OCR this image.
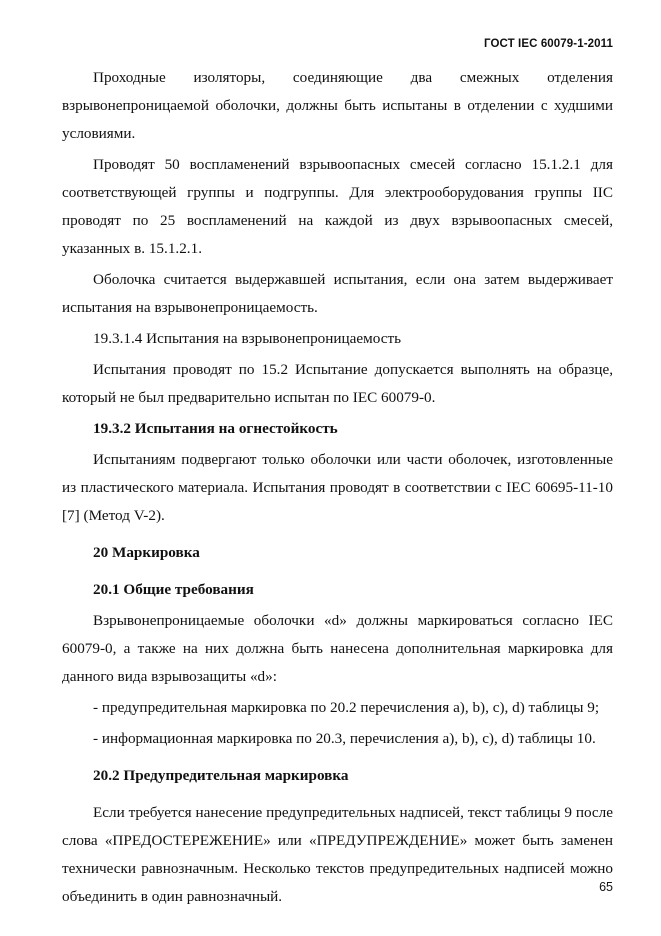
ГОСТ IEC 60079-1-2011

Проходные изоляторы, соединяющие два смежных отделения взрывонепроницаемой оболочки, должны быть испытаны в отделении с худшими условиями.

Проводят 50 воспламенений взрывоопасных смесей согласно 15.1.2.1 для соответствующей группы и подгруппы. Для электрооборудования группы IIC проводят по 25 воспламенений на каждой из двух взрывоопасных смесей, указанных в. 15.1.2.1.

Оболочка считается выдержавшей испытания, если она затем выдерживает испытания на взрывонепроницаемость.

19.3.1.4 Испытания на взрывонепроницаемость

Испытания проводят по 15.2 Испытание допускается выполнять на образце, который не был предварительно испытан по IEC 60079-0.

19.3.2 Испытания на огнестойкость

Испытаниям подвергают только оболочки или части оболочек, изготовленные из пластического материала. Испытания проводят в соответствии с IEC 60695-11-10 [7] (Метод V-2).

20 Маркировка

20.1 Общие требования

Взрывонепроницаемые оболочки «d» должны маркироваться согласно IEC 60079-0, а также на них должна быть нанесена дополнительная маркировка для данного вида взрывозащиты «d»:

- предупредительная маркировка по 20.2 перечисления а), b), c), d) таблицы 9;

- информационная маркировка по 20.3, перечисления а), b), c), d) таблицы 10.

20.2 Предупредительная маркировка

Если требуется нанесение предупредительных надписей, текст таблицы 9 после слова «ПРЕДОСТЕРЕЖЕНИЕ» или «ПРЕДУПРЕЖДЕНИЕ» может быть заменен технически равнозначным. Несколько текстов предупредительных надписей можно объединить в один равнозначный.

65
